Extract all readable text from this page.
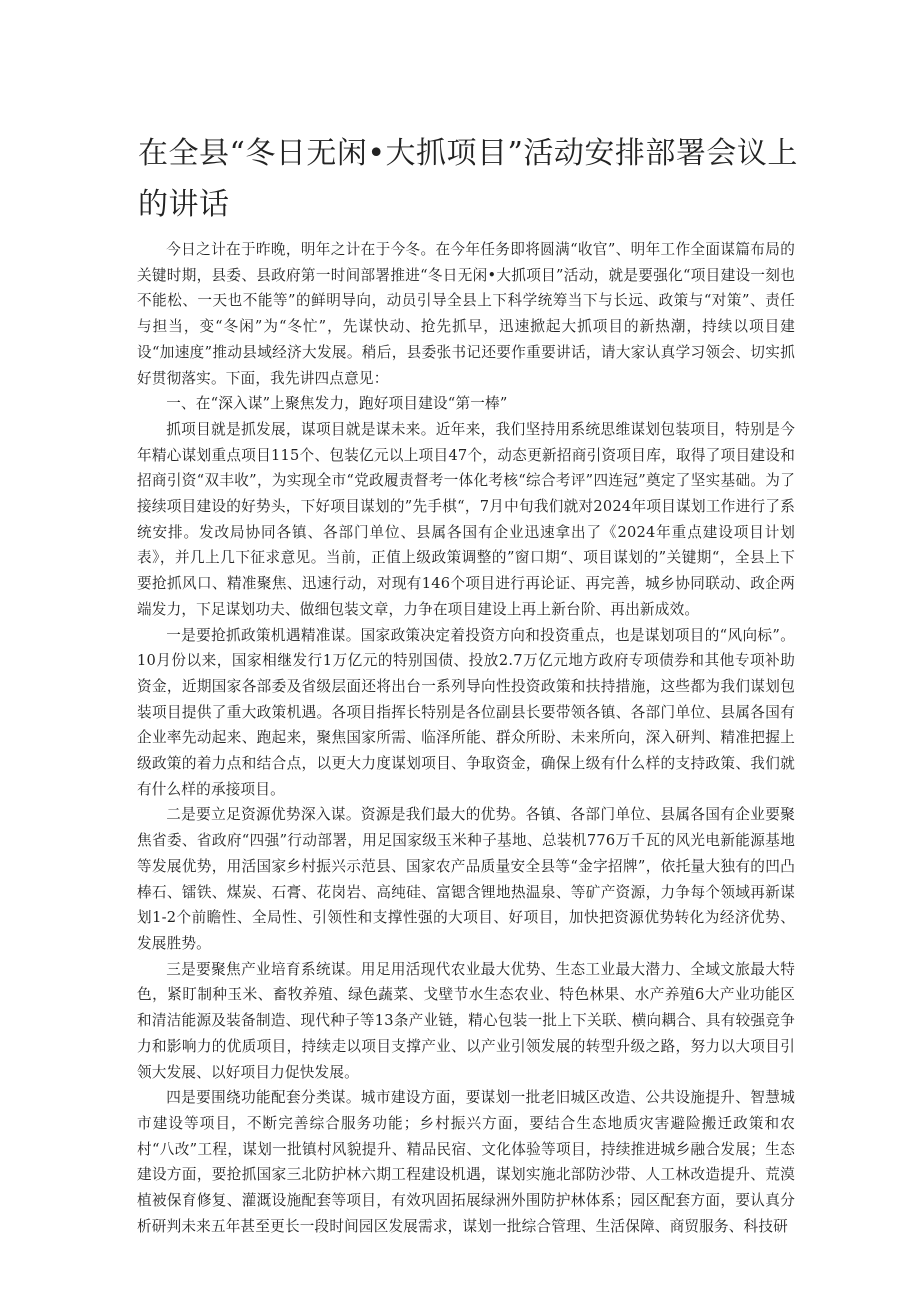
在全县“冬日无闲•大抓项目”活动安排部署会议上的讲话

今日之计在于昨晚，明年之计在于今冬。在今年任务即将圆满“收官”、明年工作全面谋篇布局的关键时期，县委、县政府第一时间部署推进“冬日无闲•大抓项目”活动，就是要强化“项目建设一刻也不能松、一天也不能等”的鲜明导向，动员引导全县上下科学统筹当下与长远、政策与“对策”、责任与担当，变“冬闲”为“冬忙”，先谋快动、抢先抓早，迅速掀起大抓项目的新热潮，持续以项目建设“加速度”推动县域经济大发展。稍后，县委张书记还要作重要讲话，请大家认真学习领会、切实抓好贯彻落实。下面，我先讲四点意见：

一、在“深入谋”上聚焦发力，跑好项目建设“第一棒”

抓项目就是抓发展，谋项目就是谋未来。近年来，我们坚持用系统思维谋划包装项目，特别是今年精心谋划重点项目115个、包装亿元以上项目47个，动态更新招商引资项目库，取得了项目建设和招商引资“双丰收”，为实现全市“党政履责督考一体化考核“综合考评”四连冠”奠定了坚实基础。为了接续项目建设的好势头，下好项目谋划的”先手棋“，7月中旬我们就对2024年项目谋划工作进行了系统安排。发改局协同各镇、各部门单位、县属各国有企业迅速拿出了《2024年重点建设项目计划表》，并几上几下征求意见。当前，正值上级政策调整的”窗口期“、项目谋划的”关键期“，全县上下要抢抓风口、精准聚焦、迅速行动，对现有146个项目进行再论证、再完善，城乡协同联动、政企两端发力，下足谋划功夫、做细包装文章，力争在项目建设上再上新台阶、再出新成效。

一是要抢抓政策机遇精准谋。国家政策决定着投资方向和投资重点，也是谋划项目的“风向标”。10月份以来，国家相继发行1万亿元的特别国债、投放2.7万亿元地方政府专项债券和其他专项补助资金，近期国家各部委及省级层面还将出台一系列导向性投资政策和扶持措施，这些都为我们谋划包装项目提供了重大政策机遇。各项目指挥长特别是各位副县长要带领各镇、各部门单位、县属各国有企业率先动起来、跑起来，聚焦国家所需、临泽所能、群众所盼、未来所向，深入研判、精准把握上级政策的着力点和结合点，以更大力度谋划项目、争取资金，确保上级有什么样的支持政策、我们就有什么样的承接项目。

二是要立足资源优势深入谋。资源是我们最大的优势。各镇、各部门单位、县属各国有企业要聚焦省委、省政府“四强”行动部署，用足国家级玉米种子基地、总装机776万千瓦的风光电新能源基地等发展优势，用活国家乡村振兴示范县、国家农产品质量安全县等“金字招牌”，依托量大独有的凹凸棒石、镭铁、煤炭、石膏、花岗岩、高纯硅、富锶含锂地热温泉、等矿产资源，力争每个领域再新谋划1-2个前瞻性、全局性、引领性和支撑性强的大项目、好项目，加快把资源优势转化为经济优势、发展胜势。

三是要聚焦产业培育系统谋。用足用活现代农业最大优势、生态工业最大潜力、全域文旅最大特色，紧盯制种玉米、畜牧养殖、绿色蔬菜、戈壁节水生态农业、特色林果、水产养殖6大产业功能区和清洁能源及装备制造、现代种子等13条产业链，精心包装一批上下关联、横向耦合、具有较强竞争力和影响力的优质项目，持续走以项目支撑产业、以产业引领发展的转型升级之路，努力以大项目引领大发展、以好项目力促快发展。

四是要围绕功能配套分类谋。城市建设方面，要谋划一批老旧城区改造、公共设施提升、智慧城市建设等项目，不断完善综合服务功能；乡村振兴方面，要结合生态地质灾害避险搬迁政策和农村“八改”工程，谋划一批镇村风貌提升、精品民宿、文化体验等项目，持续推进城乡融合发展；生态建设方面，要抢抓国家三北防护林六期工程建设机遇，谋划实施北部防沙带、人工林改造提升、荒漠植被保育修复、灌溉设施配套等项目，有效巩固拓展绿洲外围防护林体系；园区配套方面，要认真分析研判未来五年甚至更长一段时间园区发展需求，谋划一批综合管理、生活保障、商贸服务、科技研
